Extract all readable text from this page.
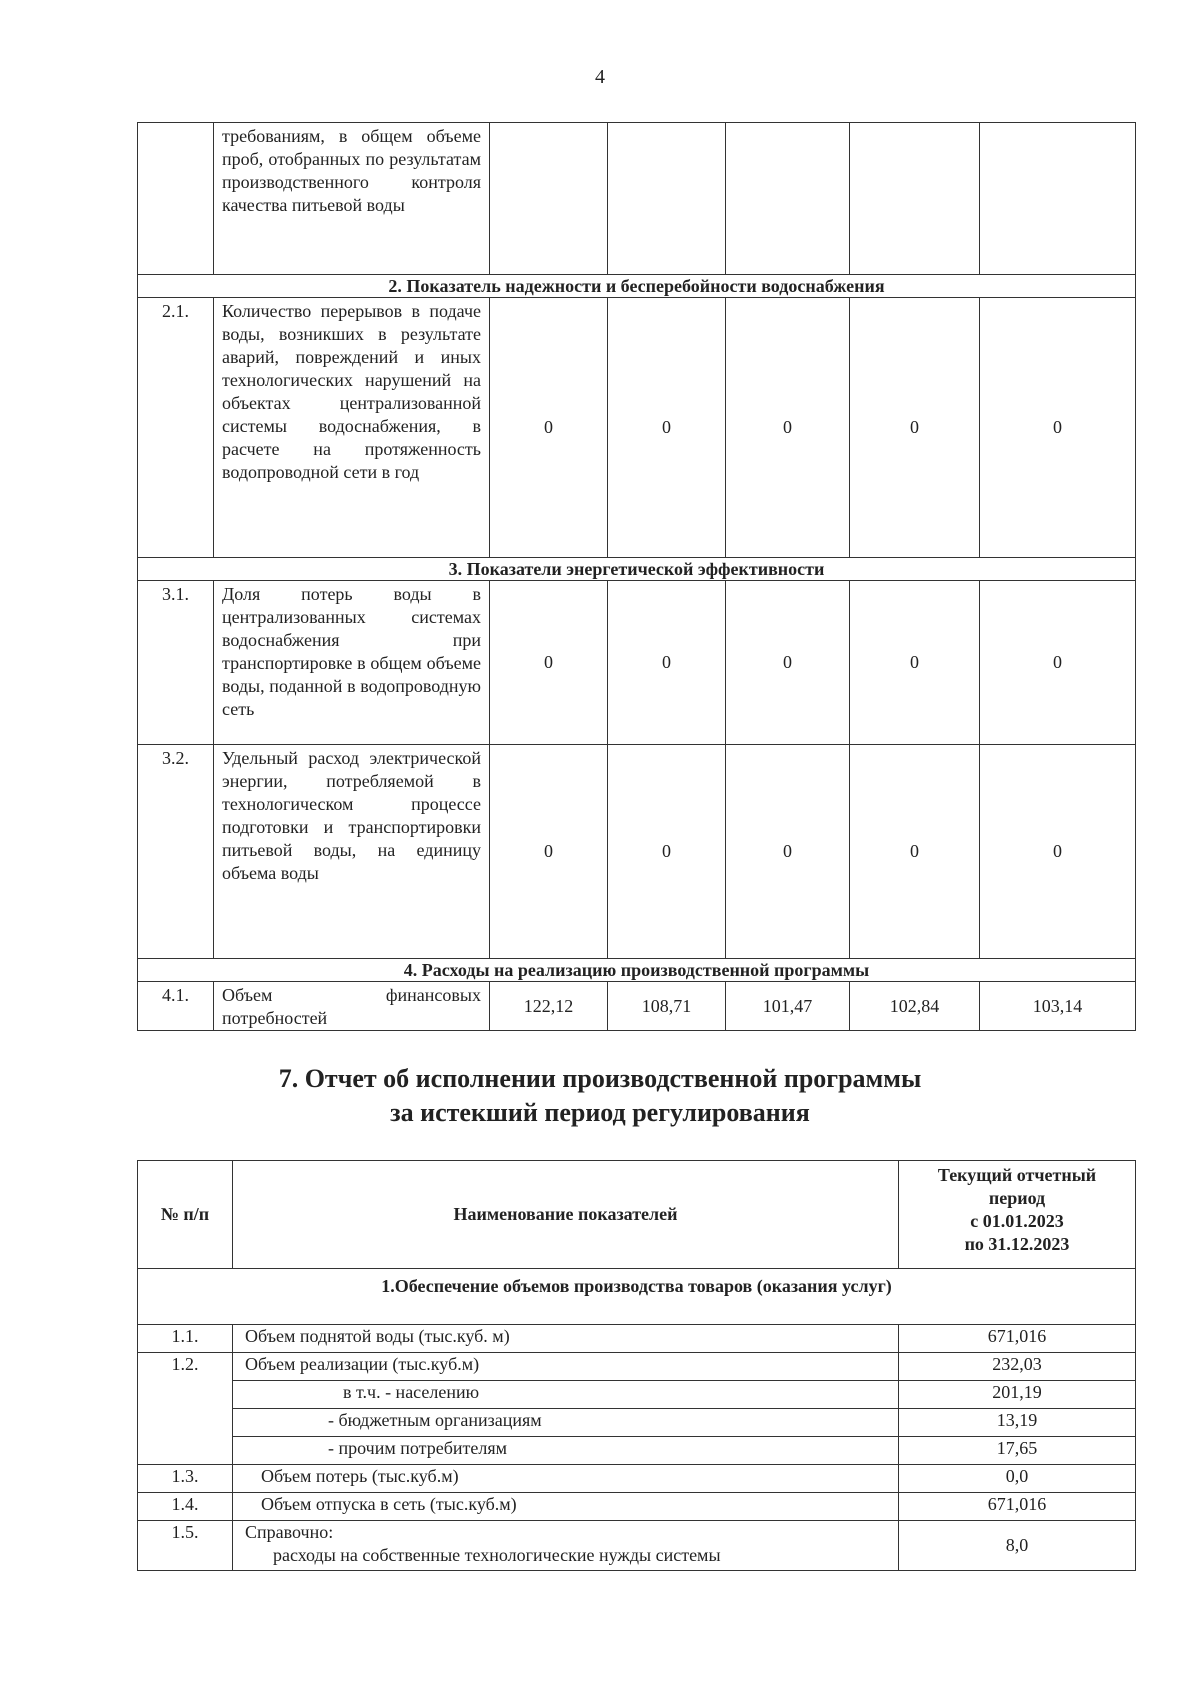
4
	требованиям, в общем объеме проб, отобранных по результатам производственного контроля качества питьевой воды					
2. Показатель надежности и бесперебойности водоснабжения						
2.1.	Количество перерывов в подаче воды, возникших в результате аварий, повреждений и иных технологических нарушений на объектах централизованной системы водоснабжения, в расчете на протяженность водопроводной сети в год	0	0	0	0	0
3. Показатели энергетической эффективности						
3.1.	Доля потерь воды в централизованных системах водоснабжения при транспортировке в общем объеме воды, поданной в водопроводную сеть	0	0	0	0	0
3.2.	Удельный расход электрической энергии, потребляемой в технологическом процессе подготовки и транспортировки питьевой воды, на единицу объема воды	0	0	0	0	0
4. Расходы на реализацию производственной программы						
4.1.	Объем финансовых потребностей	122,12	108,71	101,47	102,84	103,14
7. Отчет об исполнении производственной программы
за истекший период регулирования
№ п/п	Наименование показателей	Текущий отчетный
период
с 01.01.2023
по 31.12.2023

1.Обеспечение объемов производства товаров (оказания услуг)		
1.1.	Объем поднятой воды (тыс.куб. м)	671,016
1.2.	Объем реализации (тыс.куб.м)	232,03
	в т.ч. - населению	201,19
	- бюджетным организациям	13,19
	- прочим потребителям	17,65
1.3.	Объем потерь (тыс.куб.м)	0,0
1.4.	Объем отпуска в сеть (тыс.куб.м)	671,016
1.5.	Справочно:
расходы на собственные технологические нужды системы	8,0
